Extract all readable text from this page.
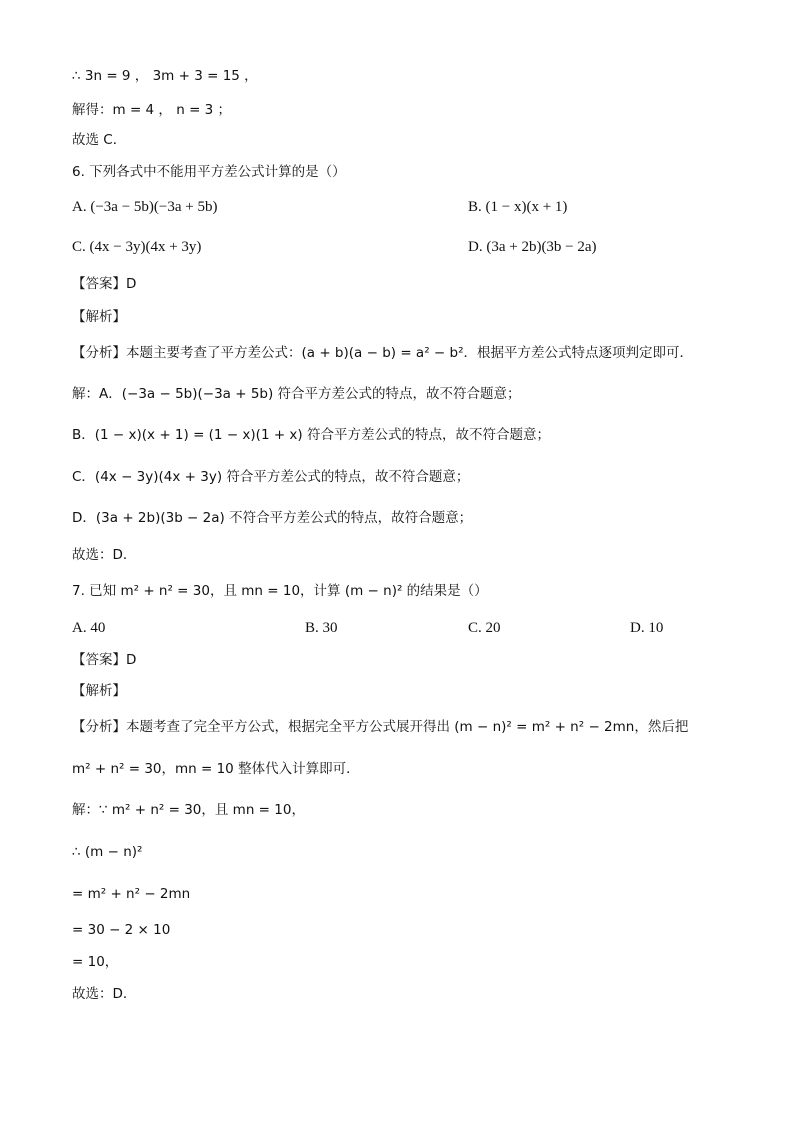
∴ 3n = 9 ， 3m + 3 = 15 ，
解得：m = 4 ， n = 3 ；
故选 C．
6. 下列各式中不能用平方差公式计算的是（）
A. (−3a − 5b)(−3a + 5b)	B. (1 − x)(x + 1)
C. (4x − 3y)(4x + 3y)	D. (3a + 2b)(3b − 2a)
【答案】D
【解析】
【分析】本题主要考查了平方差公式：(a + b)(a − b) = a² − b²．根据平方差公式特点逐项判定即可．
解：A．(−3a − 5b)(−3a + 5b) 符合平方差公式的特点，故不符合题意；
B．(1 − x)(x + 1) = (1 − x)(1 + x) 符合平方差公式的特点，故不符合题意；
C．(4x − 3y)(4x + 3y) 符合平方差公式的特点，故不符合题意；
D．(3a + 2b)(3b − 2a) 不符合平方差公式的特点，故符合题意；
故选：D．
7. 已知 m² + n² = 30，且 mn = 10，计算 (m − n)² 的结果是（）
A. 40	B. 30	C. 20	D. 10
【答案】D
【解析】
【分析】本题考查了完全平方公式，根据完全平方公式展开得出 (m − n)² = m² + n² − 2mn，然后把
m² + n² = 30，mn = 10 整体代入计算即可．
解：∵ m² + n² = 30，且 mn = 10，
∴ (m − n)²
= m² + n² − 2mn
= 30 − 2 × 10
= 10，
故选：D．
